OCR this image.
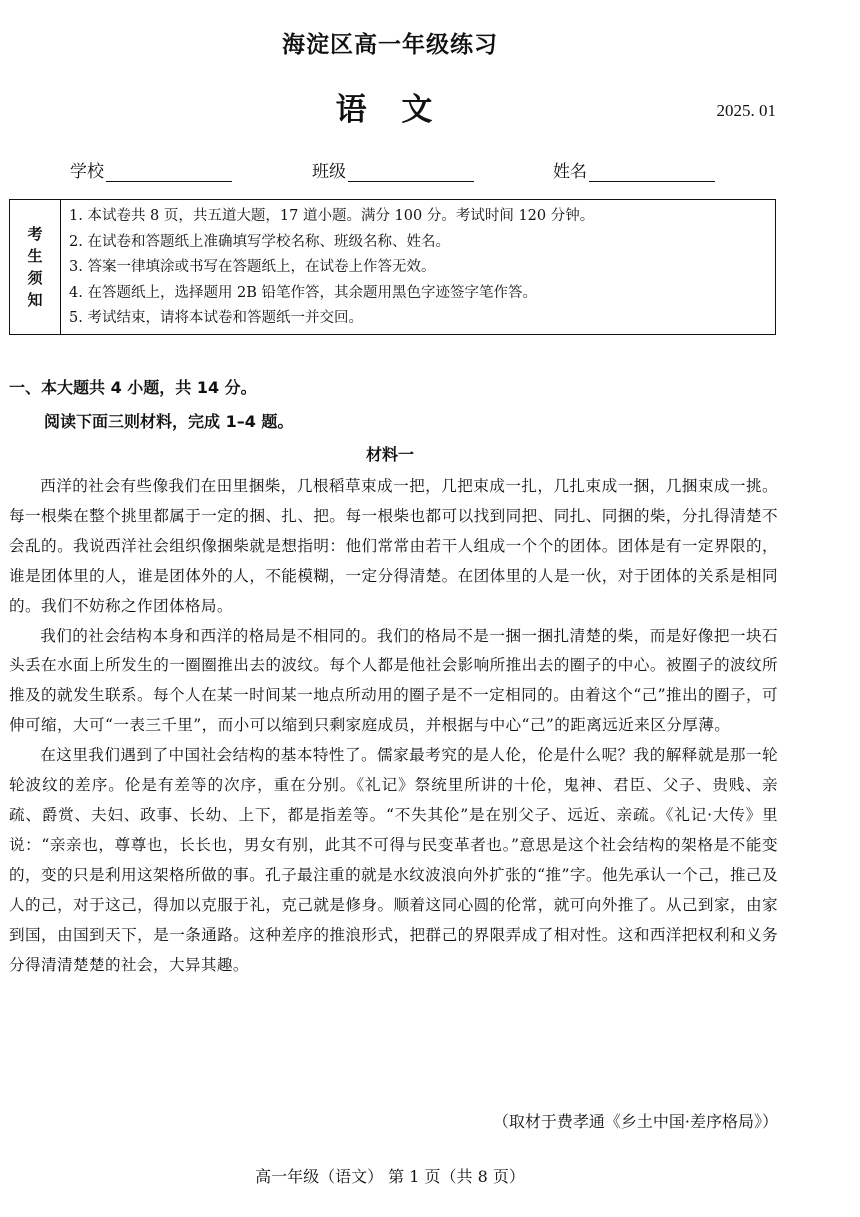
海淀区高一年级练习
语 文	2025. 01
学校	班级	姓名
考
生
须
知
1. 本试卷共 8 页，共五道大题，17 道小题。满分 100 分。考试时间 120 分钟。
2. 在试卷和答题纸上准确填写学校名称、班级名称、姓名。
3. 答案一律填涂或书写在答题纸上，在试卷上作答无效。
4. 在答题纸上，选择题用 2B 铅笔作答，其余题用黑色字迹签字笔作答。
5. 考试结束，请将本试卷和答题纸一并交回。
一、本大题共 4 小题，共 14 分。
阅读下面三则材料，完成 1–4 题。
材料一

西洋的社会有些像我们在田里捆柴，几根稻草束成一把，几把束成一扎，几扎束成一捆，几捆束成一挑。每一根柴在整个挑里都属于一定的捆、扎、把。每一根柴也都可以找到同把、同扎、同捆的柴，分扎得清楚不会乱的。我说西洋社会组织像捆柴就是想指明：他们常常由若干人组成一个个的团体。团体是有一定界限的，谁是团体里的人，谁是团体外的人，不能模糊，一定分得清楚。在团体里的人是一伙，对于团体的关系是相同的。我们不妨称之作团体格局。

我们的社会结构本身和西洋的格局是不相同的。我们的格局不是一捆一捆扎清楚的柴，而是好像把一块石头丢在水面上所发生的一圈圈推出去的波纹。每个人都是他社会影响所推出去的圈子的中心。被圈子的波纹所推及的就发生联系。每个人在某一时间某一地点所动用的圈子是不一定相同的。由着这个“己”推出的圈子，可伸可缩，大可“一表三千里”，而小可以缩到只剩家庭成员，并根据与中心“己”的距离远近来区分厚薄。

在这里我们遇到了中国社会结构的基本特性了。儒家最考究的是人伦，伦是什么呢？我的解释就是那一轮轮波纹的差序。伦是有差等的次序，重在分别。《礼记》祭统里所讲的十伦，鬼神、君臣、父子、贵贱、亲疏、爵赏、夫妇、政事、长幼、上下，都是指差等。“不失其伦”是在别父子、远近、亲疏。《礼记·大传》里说：“亲亲也，尊尊也，长长也，男女有别，此其不可得与民变革者也。”意思是这个社会结构的架格是不能变的，变的只是利用这架格所做的事。孔子最注重的就是水纹波浪向外扩张的“推”字。他先承认一个己，推己及人的己，对于这己，得加以克服于礼，克己就是修身。顺着这同心圆的伦常，就可向外推了。从己到家，由家到国，由国到天下，是一条通路。这种差序的推浪形式，把群己的界限弄成了相对性。这和西洋把权利和义务分得清清楚楚的社会，大异其趣。

（取材于费孝通《乡土中国·差序格局》）
高一年级（语文） 第 1 页（共 8 页）
